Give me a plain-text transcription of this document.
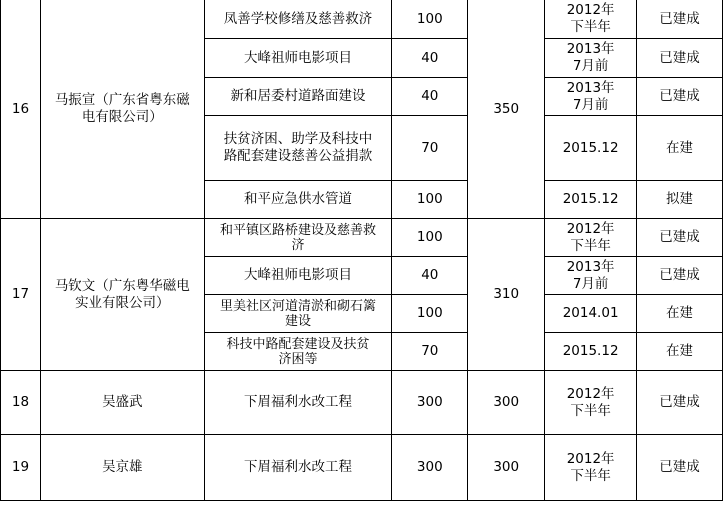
16	马振宣（广东省粤东磁
电有限公司）	凤善学校修缮及慈善救济	100	350	2012年
下半年	已建成
		大峰祖师电影项目	40		2013年
7月前	已建成
		新和居委村道路面建设	40		2013年
7月前	已建成

		扶贫济困、助学及科技中
路配套建设慈善公益捐款	70		2015.12	在建
		和平应急供水管道	100		2015.12	拟建
17	马钦文（广东粤华磁电
实业有限公司）	和平镇区路桥建设及慈善救
济	100	310	2012年
下半年	已建成
		大峰祖师电影项目	40		2013年
7月前	已建成

		里美社区河道清淤和砌石篱
建设	100		2014.01	在建

		科技中路配套建设及扶贫
济困等	70		2015.12	在建
18	吴盛武	下眉福利水改工程	300	300	2012年
下半年	已建成
19	吴京雄	下眉福利水改工程	300	300	2012年
下半年	已建成
